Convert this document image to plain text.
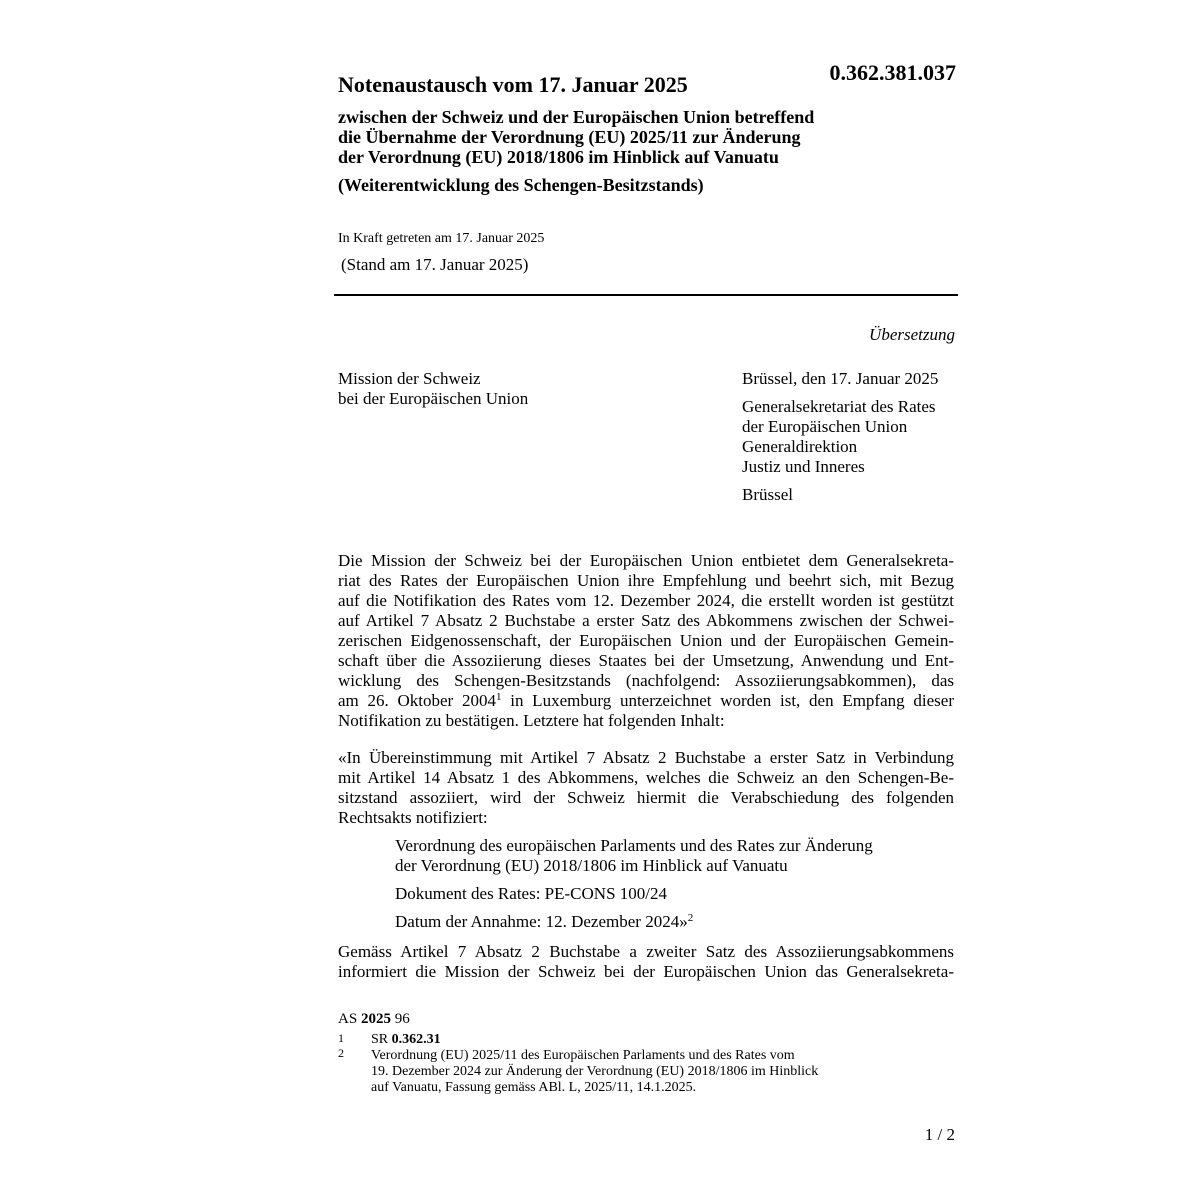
0.362.381.037
Notenaustausch vom 17. Januar 2025
zwischen der Schweiz und der Europäischen Union betreffend
die Übernahme der Verordnung (EU) 2025/11 zur Änderung
der Verordnung (EU) 2018/1806 im Hinblick auf Vanuatu
(Weiterentwicklung des Schengen-Besitzstands)
In Kraft getreten am 17. Januar 2025
(Stand am 17. Januar 2025)
Übersetzung
Mission der Schweiz
bei der Europäischen Union
Brüssel, den 17. Januar 2025
Generalsekretariat des Rates
der Europäischen Union
Generaldirektion
Justiz und Inneres
Brüssel
Die Mission der Schweiz bei der Europäischen Union entbietet dem Generalsekreta-
riat des Rates der Europäischen Union ihre Empfehlung und beehrt sich, mit Bezug
auf die Notifikation des Rates vom 12. Dezember 2024, die erstellt worden ist gestützt
auf Artikel 7 Absatz 2 Buchstabe a erster Satz des Abkommens zwischen der Schwei-
zerischen Eidgenossenschaft, der Europäischen Union und der Europäischen Gemein-
schaft über die Assoziierung dieses Staates bei der Umsetzung, Anwendung und Ent-
wicklung des Schengen-Besitzstands (nachfolgend: Assoziierungsabkommen), das
am 26. Oktober 2004$^1$ in Luxemburg unterzeichnet worden ist, den Empfang dieser
Notifikation zu bestätigen. Letztere hat folgenden Inhalt:
«In Übereinstimmung mit Artikel 7 Absatz 2 Buchstabe a erster Satz in Verbindung
mit Artikel 14 Absatz 1 des Abkommens, welches die Schweiz an den Schengen-Be-
sitzstand assoziiert, wird der Schweiz hiermit die Verabschiedung des folgenden
Rechtsakts notifiziert:
Verordnung des europäischen Parlaments und des Rates zur Änderung
der Verordnung (EU) 2018/1806 im Hinblick auf Vanuatu
Dokument des Rates: PE-CONS 100/24
Datum der Annahme: 12. Dezember 2024»$^2$
Gemäss Artikel 7 Absatz 2 Buchstabe a zweiter Satz des Assoziierungsabkommens
informiert die Mission der Schweiz bei der Europäischen Union das Generalsekreta-
AS 2025 96
1 SR 0.362.31
2 Verordnung (EU) 2025/11 des Europäischen Parlaments und des Rates vom
19. Dezember 2024 zur Änderung der Verordnung (EU) 2018/1806 im Hinblick
auf Vanuatu, Fassung gemäss ABl. L, 2025/11, 14.1.2025.
1 / 2
